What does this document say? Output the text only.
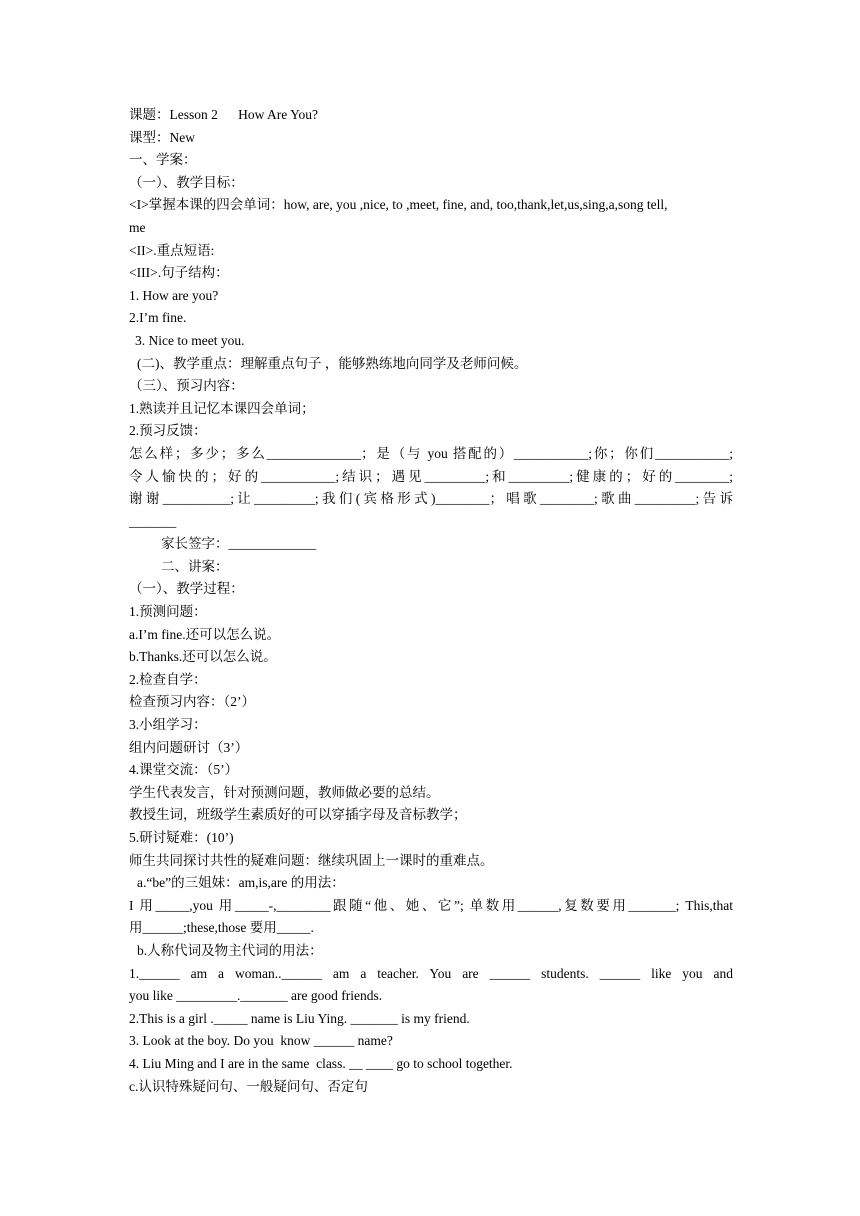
课题：Lesson 2      How Are You?
课型：New
一、学案：
（一）、教学目标：
<I>掌握本课的四会单词：how, are, you ,nice, to ,meet, fine, and, too,thank,let,us,sing,a,song tell,
me
<II>.重点短语:
<III>.句子结构：
1. How are you?
2.I’m fine.
3. Nice to meet you.
(二)、教学重点：理解重点句子 ，能够熟练地向同学及老师问候。
（三）、预习内容：
1.熟读并且记忆本课四会单词；
2.预习反馈：
怎么样；多少；多么______________；是（与 you 搭配的）___________;你；你们___________;
令人愉快的；好的___________;结识；遇见_________;和_________;健康的；好的________;
谢谢__________;让_________;我们(宾格形式)________；唱歌________;歌曲_________;告诉
_______
家长签字：_____________
二、讲案：
（一）、教学过程：
1.预测问题：
a.I’m fine.还可以怎么说。
b.Thanks.还可以怎么说。
2.检查自学：
检查预习内容：（2’）
3.小组学习：
组内问题研讨（3’）
4.课堂交流：（5’）
学生代表发言，针对预测问题，教师做必要的总结。
教授生词，班级学生素质好的可以穿插字母及音标教学；
5.研讨疑难：(10’)
师生共同探讨共性的疑难问题：继续巩固上一课时的重难点。
a.“be”的三姐妹：am,is,are 的用法：
I 用_____,you 用_____-,________跟随“他、她、它”; 单数用______,复数要用_______; This,that
用______;these,those 要用_____.
b.人称代词及物主代词的用法：
1.______ am a woman..______ am a teacher. You are ______ students. ______ like you and
you like _________._______ are good friends.
2.This is a girl ._____ name is Liu Ying. _______ is my friend.
3. Look at the boy. Do you  know ______ name?
4. Liu Ming and I are in the same  class. __ ____ go to school together.
c.认识特殊疑问句、一般疑问句、否定句
